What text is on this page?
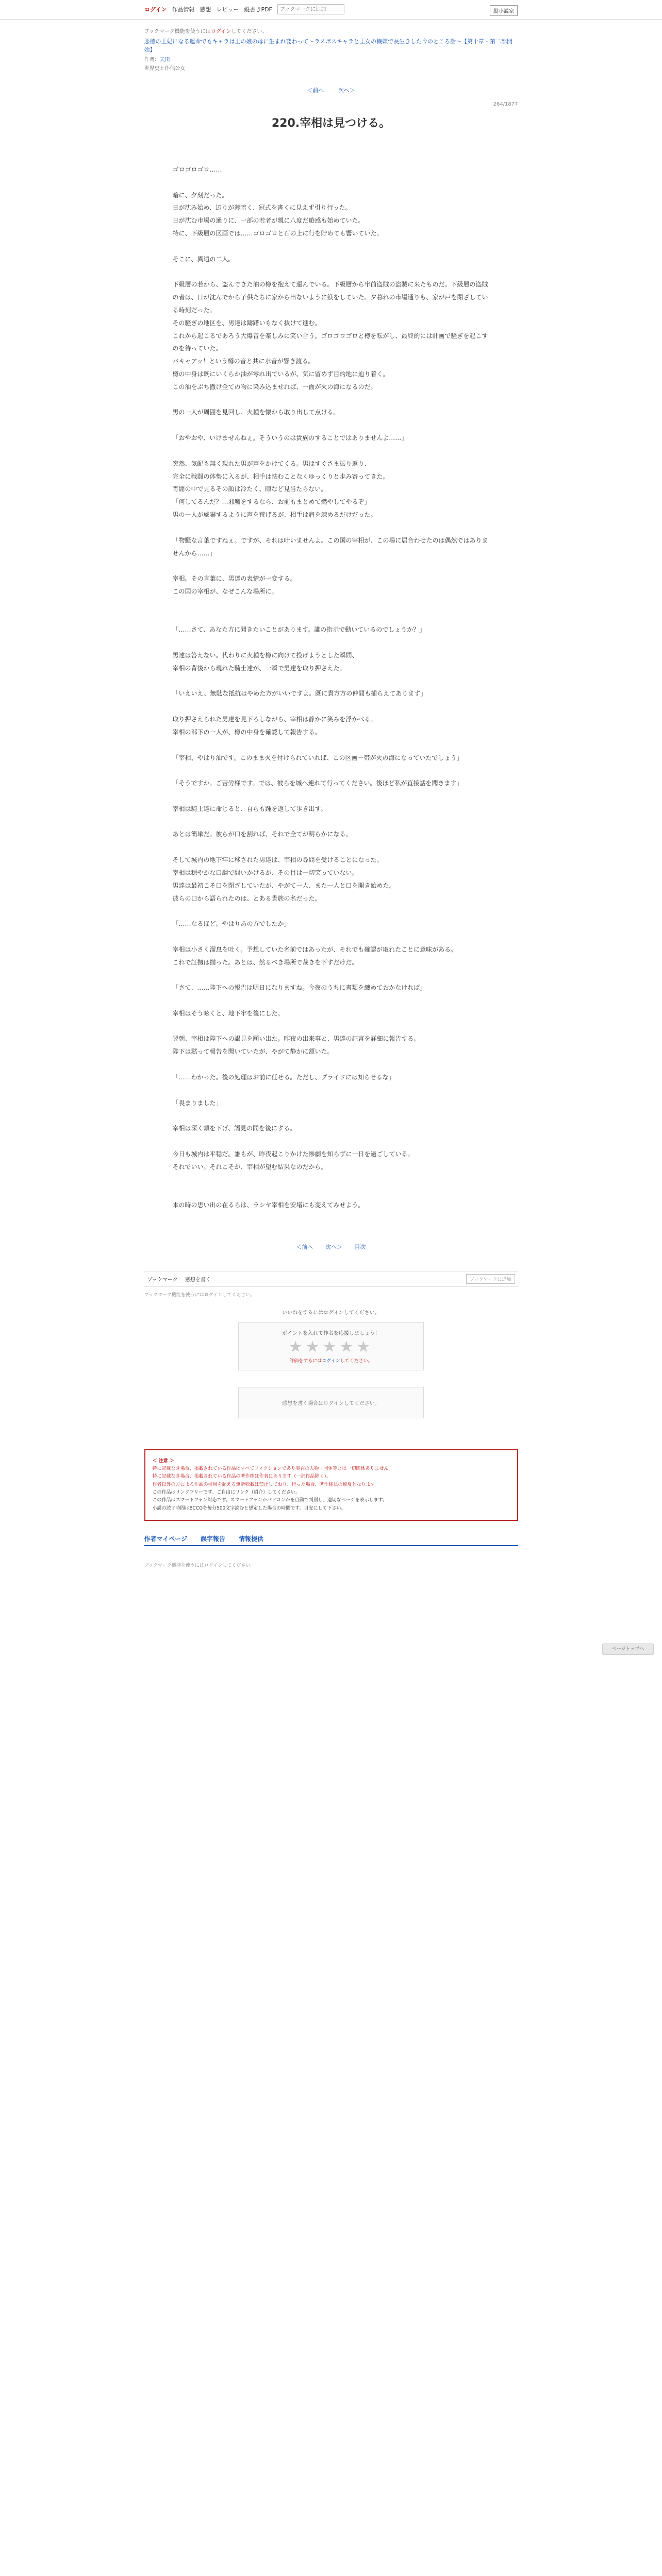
ログイン 作品情報 感想 レビュー 縦書きPDF
ブックマークに追加	縦小説家
ブックマーク機能を使うにはログインしてください。
悪徳の王妃になる運命でもキャラは王の娘の母に生まれ変わって～ラスボスキャラと王女の機嫌で長生きした今のところ話～【第十章・第二部開始】
作者：天田
世界史と伴侶公女
＜前へ	次へ＞
264/1877
220.宰相は見つける。

ゴロゴロゴロ……

暗に、夕刻だった。

日が沈み始め、辺りが薄暗く、冠式を書くに見えず引り行った。

日が沈む市場の通りに、一部の若者が親に八度だ遊感も始めていた。

特に、下級層の区画では……ゴロゴロと石の上に行を貯めても響いていた。

そこに、異遠の二人。

下級層の若から、盗んできた油の樽を抱えて運んでいる。下級層から牢前盗賊の盗賊に来たものだ。下級層の盗賊の者は、日が沈んでから子供たちに家から出ないように躾をしていた。夕暮れの市場通りも、家が戸を閉ざしている時刻だった。

その騒ぎの地区を、男達は躊躇いもなく抜けて進む。

これから起こるであろう大爆音を楽しみに笑い合う。ゴロゴロゴロと樽を転がし、最終的には計画で騒ぎを起こすのを待っていた。

バキャアッ！という樽の音と共に水音が響き渡る。

樽の中身は既にいくらか油が零れ出ているが、気に留めず目的地に辿り着く。

この油をぶち撒け全ての物に染み込ませれば、一面が火の海になるのだ。

男の一人が周囲を見回し、火種を懐から取り出して点ける。

「おやおや、いけませんねぇ。そういうのは貴族のすることではありませんよ……」

突然、気配も無く現れた男が声をかけてくる。男はすぐさま振り返り、

完全に戦闘の体勢に入るが、相手は怯むことなくゆっくりと歩み寄ってきた。

宵闇の中で見るその顔は冷たく、隙など見当たらない。

「何してるんだ？…邪魔をするなら、お前もまとめて燃やしてやるぞ」

男の一人が威嚇するように声を荒げるが、相手は肩を竦めるだけだった。

「物騒な言葉ですねぇ。ですが、それは叶いませんよ。この国の宰相が、この場に居合わせたのは偶然ではありませんから……」

宰相。その言葉に、男達の表情が一変する。

この国の宰相が、なぜこんな場所に。

「……さて、あなた方に聞きたいことがあります。誰の指示で動いているのでしょうか？」

男達は答えない。代わりに火種を樽に向けて投げようとした瞬間、

宰相の背後から現れた騎士達が、一瞬で男達を取り押さえた。

「いえいえ、無駄な抵抗はやめた方がいいですよ。既に貴方方の仲間も捕らえてあります」

取り押さえられた男達を見下ろしながら、宰相は静かに笑みを浮かべる。

宰相の部下の一人が、樽の中身を確認して報告する。

「宰相、やはり油です。このまま火を付けられていれば、この区画一帯が火の海になっていたでしょう」

「そうですか。ご苦労様です。では、彼らを城へ連れて行ってください。後ほど私が直接話を聞きます」

宰相は騎士達に命じると、自らも踵を返して歩き出す。

あとは簡単だ。彼らが口を割れば、それで全てが明らかになる。

そして城内の地下牢に移された男達は、宰相の尋問を受けることになった。

宰相は穏やかな口調で問いかけるが、その目は一切笑っていない。

男達は最初こそ口を閉ざしていたが、やがて一人、また一人と口を開き始めた。

彼らの口から語られたのは、とある貴族の名だった。

「……なるほど。やはりあの方でしたか」

宰相は小さく溜息を吐く。予想していた名前ではあったが、それでも確認が取れたことに意味がある。

これで証拠は揃った。あとは、然るべき場所で裁きを下すだけだ。

「さて、……陛下への報告は明日になりますね。今夜のうちに書類を纏めておかなければ」

宰相はそう呟くと、地下牢を後にした。

翌朝、宰相は陛下への謁見を願い出た。昨夜の出来事と、男達の証言を詳細に報告する。

陛下は黙って報告を聞いていたが、やがて静かに頷いた。

「……わかった。後の処理はお前に任せる。ただし、プライドには知らせるな」

「畏まりました」

宰相は深く頭を下げ、謁見の間を後にする。

今日も城内は平穏だ。誰もが、昨夜起こりかけた惨劇を知らずに一日を過ごしている。

それでいい。それこそが、宰相が望む結果なのだから。

本の時の思い出の在るらは、ラシヤ宰相を安堵にも変えてみせよう。

＜前へ 次へ＞ 目次
ブックマーク 感想を書く	ブックマークに追加
ブックマーク機能を使うにはログインしてください。
いいねをするにはログインしてください。
ポイントを入れて作者を応援しましょう！
★★★★★
評価をするにはログインしてください。
感想を書く場合はログインしてください。
＜ 注意 ＞
特に記載なき場合、掲載されている作品はすべてフィクションであり実在の人物・団体等とは一切関係ありません。
特に記載なき場合、掲載されている作品の著作権は作者にあります（一部作品除く）。
作者以外の方による作品の引用を超える無断転載は禁止しており、行った場合、著作権法の違反となります。
この作品はリンクフリーです。ご自由にリンク（紹介）してください。
この作品はスマートフォン対応です。スマートフォンかパソコンかを自動で判別し、適切なページを表示します。
小説の読了時間はBCCGを毎分500文字読むと想定した場合の時間です。目安にして下さい。
作者マイページ 誤字報告 情報提供
ブックマーク機能を使うにはログインしてください。
ページトップへ
